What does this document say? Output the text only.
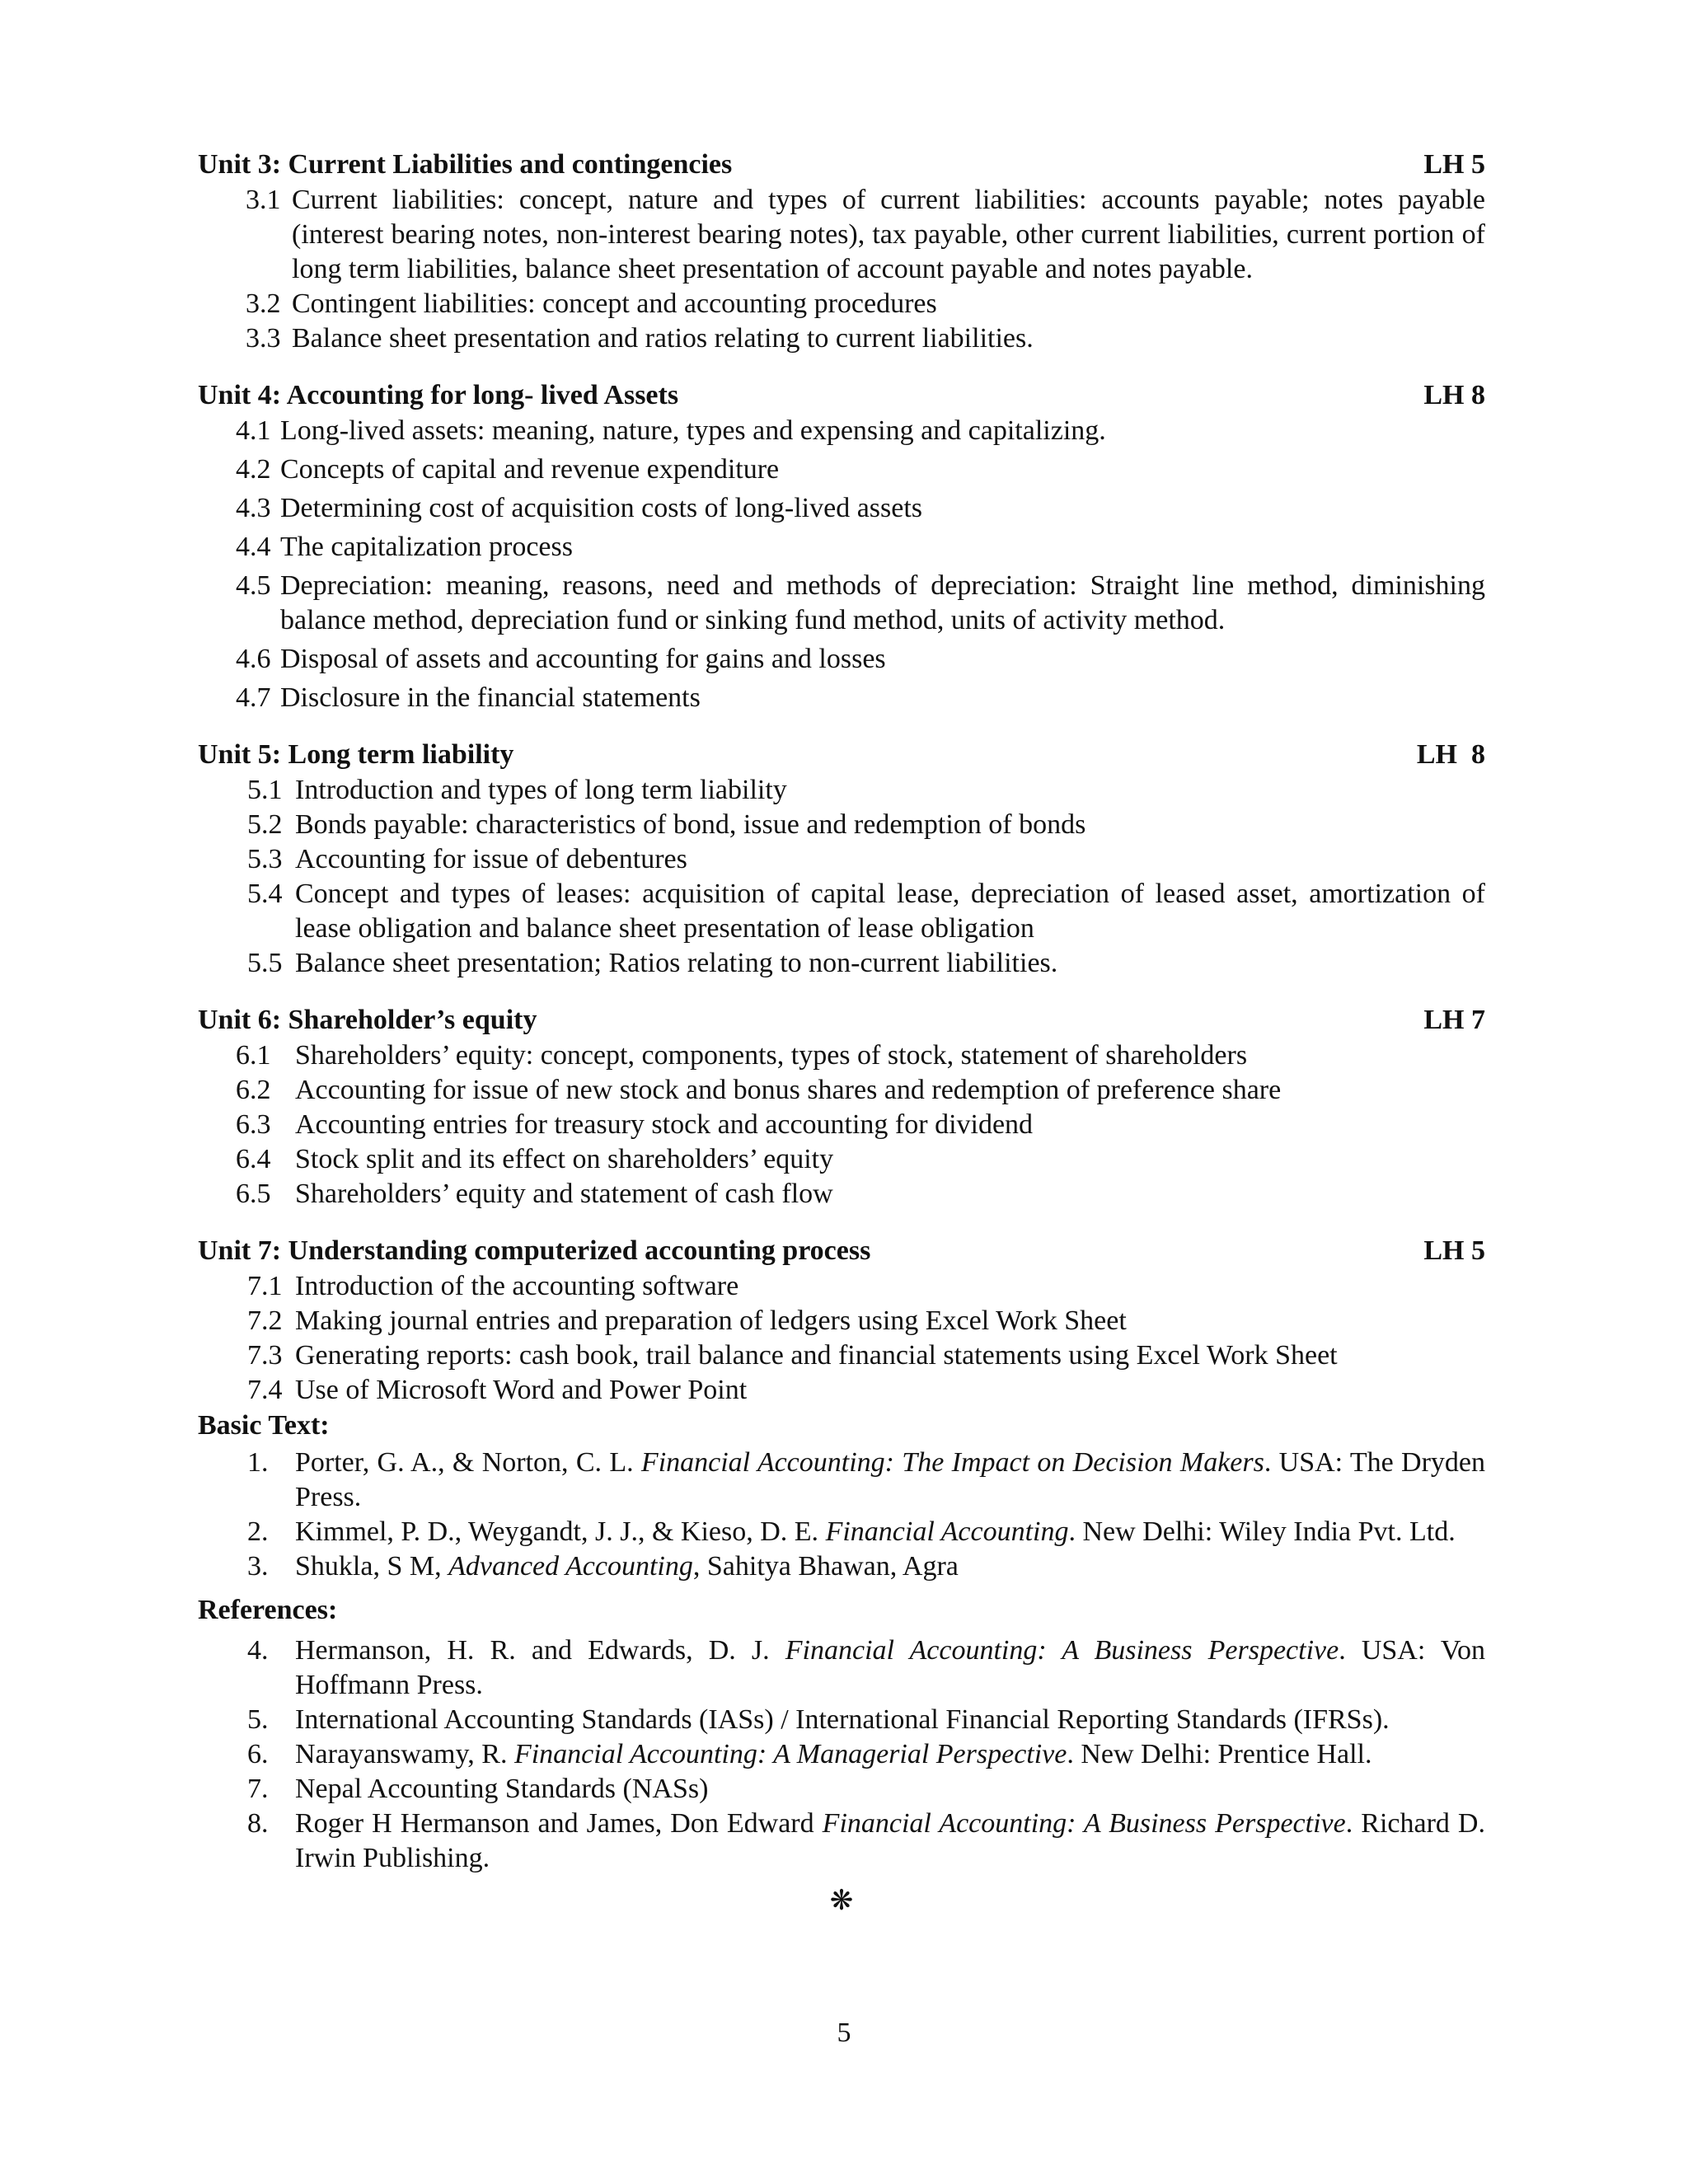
Unit 3: Current Liabilities and contingencies	LH 5
3.1 Current liabilities: concept, nature and types of current liabilities: accounts payable; notes payable (interest bearing notes, non-interest bearing notes), tax payable, other current liabilities, current portion of long term liabilities, balance sheet presentation of account payable and notes payable.
3.2 Contingent liabilities: concept and accounting procedures
3.3 Balance sheet presentation and ratios relating to current liabilities.
Unit 4: Accounting for long- lived Assets	LH 8
4.1 Long-lived assets: meaning, nature, types and expensing and capitalizing.
4.2 Concepts of capital and revenue expenditure
4.3 Determining cost of acquisition costs of long-lived assets
4.4 The capitalization process
4.5 Depreciation: meaning, reasons, need and methods of depreciation: Straight line method, diminishing balance method, depreciation fund or sinking fund method, units of activity method.
4.6 Disposal of assets and accounting for gains and losses
4.7 Disclosure in the financial statements
Unit 5: Long term liability	LH  8
5.1 Introduction and types of long term liability
5.2 Bonds payable: characteristics of bond, issue and redemption of bonds
5.3 Accounting for issue of debentures
5.4 Concept and types of leases: acquisition of capital lease, depreciation of leased asset, amortization of lease obligation and balance sheet presentation of lease obligation
5.5 Balance sheet presentation; Ratios relating to non-current liabilities.
Unit 6: Shareholder’s equity	LH 7
6.1 Shareholders’ equity: concept, components, types of stock, statement of shareholders
6.2 Accounting for issue of new stock and bonus shares and redemption of preference share
6.3 Accounting entries for treasury stock and accounting for dividend
6.4 Stock split and its effect on shareholders’ equity
6.5 Shareholders’ equity and statement of cash flow
Unit 7: Understanding computerized accounting process	LH 5
7.1 Introduction of the accounting software
7.2 Making journal entries and preparation of ledgers using Excel Work Sheet
7.3 Generating reports: cash book, trail balance and financial statements using Excel Work Sheet
7.4 Use of Microsoft Word and Power Point
Basic Text:
1. Porter, G. A., & Norton, C. L. Financial Accounting: The Impact on Decision Makers. USA: The Dryden Press.
2. Kimmel, P. D., Weygandt, J. J., & Kieso, D. E. Financial Accounting. New Delhi: Wiley India Pvt. Ltd.
3. Shukla, S M, Advanced Accounting, Sahitya Bhawan, Agra
References:
4. Hermanson, H. R. and Edwards, D. J. Financial Accounting: A Business Perspective. USA: Von Hoffmann Press.
5. International Accounting Standards (IASs) / International Financial Reporting Standards (IFRSs).
6. Narayanswamy, R. Financial Accounting: A Managerial Perspective. New Delhi: Prentice Hall.
7. Nepal Accounting Standards (NASs)
8. Roger H Hermanson and James, Don Edward Financial Accounting: A Business Perspective. Richard D. Irwin Publishing.
❋
5
